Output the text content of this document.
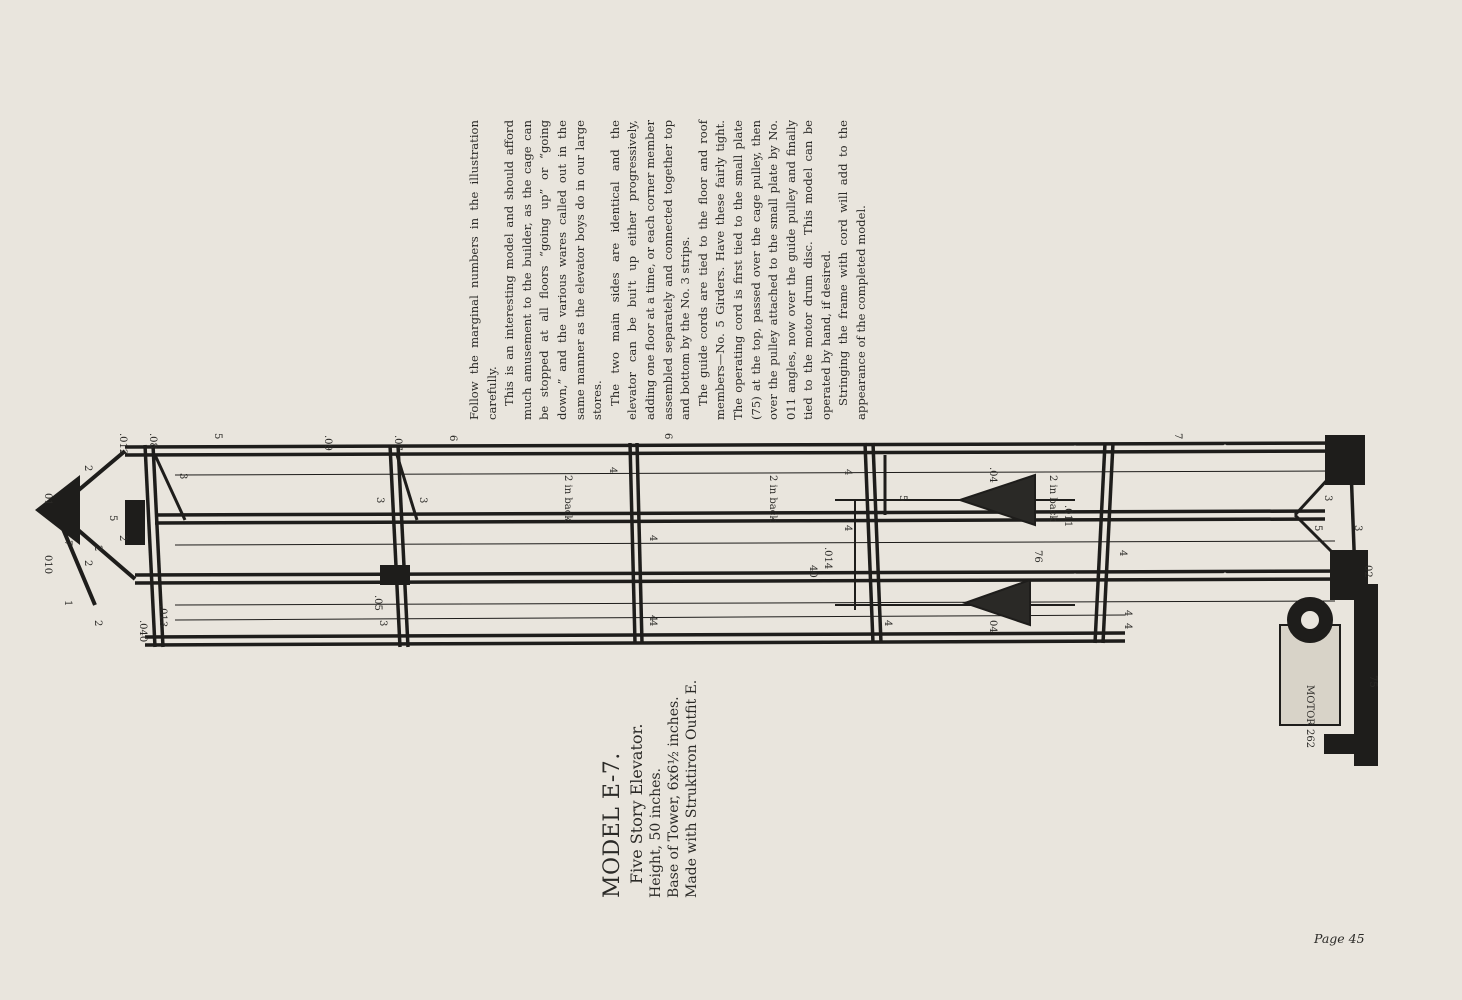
Follow the marginal numbers in the illustration carefully. This is an interesting model and should afford much amusement to the builder, as the cage can be stopped at all floors “going up” or “going down,” and the various wares called out in the same manner as the elevator boys do in our large stores. The two main sides are identical and the elevator can be bui't up either progressively, adding one floor at a time, or each corner member assembled separately and connected together top and bottom by the No. 3 strips. The guide cords are tied to the floor and roof members—No. 5 Girders. Have these fairly tight. The operating cord is first tied to the small plate (75) at the top, passed over the cage pulley, then over the pulley attached to the small plate by No. 011 angles, now over the guide pulley and finally tied to the motor drum disc. This model can be operated by hand, if desired. Stringing the frame with cord will add to the appearance of the completed model.

.012 .08	5	.09	.07	6	6	7
2
01
5
3
3	3
4	4
4
5
.04
2 in back	2 in back	2 in back .011
3
2
2
7
010	2
4
4
4
40
.014	76
4
5	3
02
1
2
.05
3	4
4
04
4
75
.013
.040
MOTOR 262
MODEL E-7. Five Story Elevator. Height, 50 inches. Base of Tower, 6x6½ inches. Made with Struktiron Outfit E.
Page 45
